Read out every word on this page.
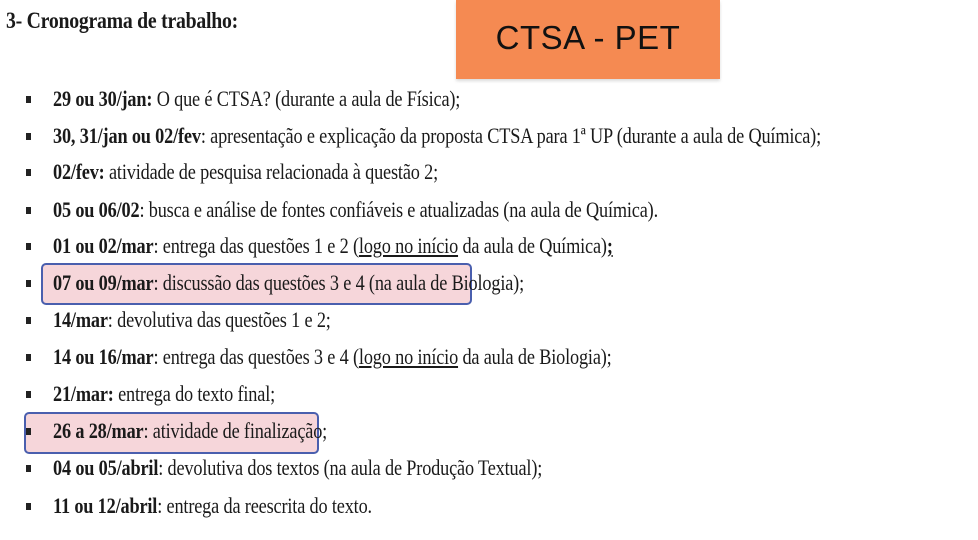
3- Cronograma de trabalho:	CTSA - PET
29 ou 30/jan: O que é CTSA? (durante a aula de Física);
30, 31/jan ou 02/fev: apresentação e explicação da proposta CTSA para 1ª UP (durante a aula de Química);
02/fev: atividade de pesquisa relacionada à questão 2;
05 ou 06/02: busca e análise de fontes confiáveis e atualizadas (na aula de Química).
01 ou 02/mar: entrega das questões 1 e 2 (logo no início da aula de Química);
07 ou 09/mar: discussão das questões 3 e 4 (na aula de Biologia);
14/mar: devolutiva das questões 1 e 2;
14 ou 16/mar: entrega das questões 3 e 4 (logo no início da aula de Biologia);
21/mar: entrega do texto final;
26 a 28/mar: atividade de finalização;
04 ou 05/abril: devolutiva dos textos (na aula de Produção Textual);
11 ou 12/abril: entrega da reescrita do texto.
